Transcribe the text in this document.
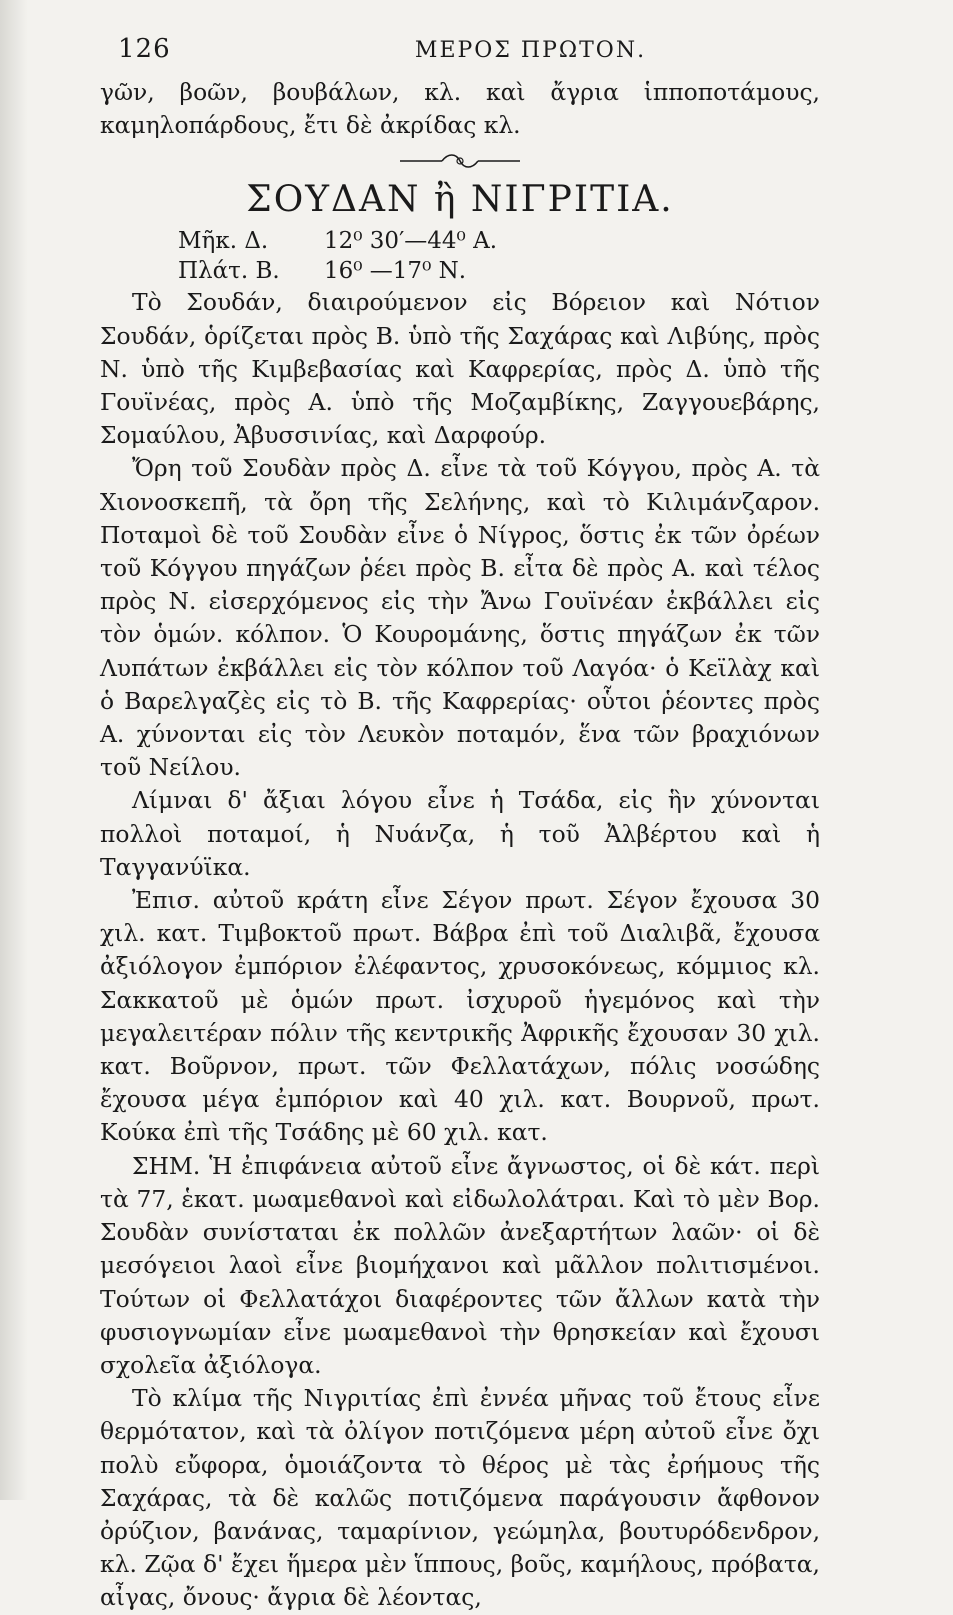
126	ΜΕΡΟΣ ΠΡΩΤΟΝ.

γῶν, βοῶν, βουβάλων, κλ. καὶ ἄγρια ἱπποποτάμους, καμηλοπάρδους, ἔτι δὲ ἀκρίδας κλ.

ΣΟΥΔΑΝ ἢ ΝΙΓΡΙΤΙΑ.
Μῆκ. Δ.	12⁰ 30′—44⁰ Α.
Πλάτ. Β.	16⁰ —17⁰ Ν.

Τὸ Σουδάν, διαιρούμενον εἰς Βόρειον καὶ Νότιον Σουδάν, ὁρίζεται πρὸς Β. ὑπὸ τῆς Σαχάρας καὶ Λιβύης, πρὸς Ν. ὑπὸ τῆς Κιμβεβασίας καὶ Καφρερίας, πρὸς Δ. ὑπὸ τῆς Γουϊνέας, πρὸς Α. ὑπὸ τῆς Μοζαμβίκης, Ζαγγουεβάρης, Σομαύλου, Ἀβυσσινίας, καὶ Δαρφούρ.

Ὄρη τοῦ Σουδὰν πρὸς Δ. εἶνε τὰ τοῦ Κόγγου, πρὸς Α. τὰ Χιονοσκεπῆ, τὰ ὄρη τῆς Σελήνης, καὶ τὸ Κιλιμάνζαρον. Ποταμοὶ δὲ τοῦ Σουδὰν εἶνε ὁ Νίγρος, ὅστις ἐκ τῶν ὀρέων τοῦ Κόγγου πηγάζων ῥέει πρὸς Β. εἶτα δὲ πρὸς Α. καὶ τέλος πρὸς Ν. εἰσερχόμενος εἰς τὴν Ἄνω Γουϊνέαν ἐκβάλλει εἰς τὸν ὁμών. κόλπον. Ὁ Κουρομάνης, ὅστις πηγάζων ἐκ τῶν Λυπάτων ἐκβάλλει εἰς τὸν κόλπον τοῦ Λαγόα· ὁ Κεϊλὰχ καὶ ὁ Βαρελγαζὲς εἰς τὸ Β. τῆς Καφρερίας· οὗτοι ῥέοντες πρὸς Α. χύνονται εἰς τὸν Λευκὸν ποταμόν, ἕνα τῶν βραχιόνων τοῦ Νείλου.

Λίμναι δ' ἄξιαι λόγου εἶνε ἡ Τσάδα, εἰς ἣν χύνονται πολλοὶ ποταμοί, ἡ Νυάνζα, ἡ τοῦ Ἀλβέρτου καὶ ἡ Ταγγανύϊκα.

Ἐπισ. αὐτοῦ κράτη εἶνε Σέγον πρωτ. Σέγον ἔχουσα 30 χιλ. κατ. Τιμβοκτοῦ πρωτ. Βάβρα ἐπὶ τοῦ Διαλιβᾶ, ἔχουσα ἀξιόλογον ἐμπόριον ἐλέφαντος, χρυσοκόνεως, κόμμιος κλ. Σακκατοῦ μὲ ὁμών πρωτ. ἰσχυροῦ ἡγεμόνος καὶ τὴν μεγαλειτέραν πόλιν τῆς κεντρικῆς Ἀφρικῆς ἔχουσαν 30 χιλ. κατ. Βοῦρνον, πρωτ. τῶν Φελλατάχων, πόλις νοσώδης ἔχουσα μέγα ἐμπόριον καὶ 40 χιλ. κατ. Βουρνοῦ, πρωτ. Κούκα ἐπὶ τῆς Τσάδης μὲ 60 χιλ. κατ.

ΣΗΜ. Ἡ ἐπιφάνεια αὐτοῦ εἶνε ἄγνωστος, οἱ δὲ κάτ. περὶ τὰ 77, ἑκατ. μωαμεθανοὶ καὶ εἰδωλολάτραι. Καὶ τὸ μὲν Βορ. Σουδὰν συνίσταται ἐκ πολλῶν ἀνεξαρτήτων λαῶν· οἱ δὲ μεσόγειοι λαοὶ εἶνε βιομήχανοι καὶ μᾶλλον πολιτισμένοι. Τούτων οἱ Φελλατάχοι διαφέροντες τῶν ἄλλων κατὰ τὴν φυσιογνωμίαν εἶνε μωαμεθανοὶ τὴν θρησκείαν καὶ ἔχουσι σχολεῖα ἀξιόλογα.

Τὸ κλίμα τῆς Νιγριτίας ἐπὶ ἐννέα μῆνας τοῦ ἔτους εἶνε θερμότατον, καὶ τὰ ὀλίγον ποτιζόμενα μέρη αὐτοῦ εἶνε ὄχι πολὺ εὔφορα, ὁμοιάζοντα τὸ θέρος μὲ τὰς ἐρήμους τῆς Σαχάρας, τὰ δὲ καλῶς ποτιζόμενα παράγουσιν ἄφθονον ὀρύζιον, βανάνας, ταμαρίνιον, γεώμηλα, βουτυρόδενδρον, κλ. Ζῷα δ' ἔχει ἥμερα μὲν ἵππους, βοῦς, καμήλους, πρόβατα, αἶγας, ὄνους· ἄγρια δὲ λέοντας,
